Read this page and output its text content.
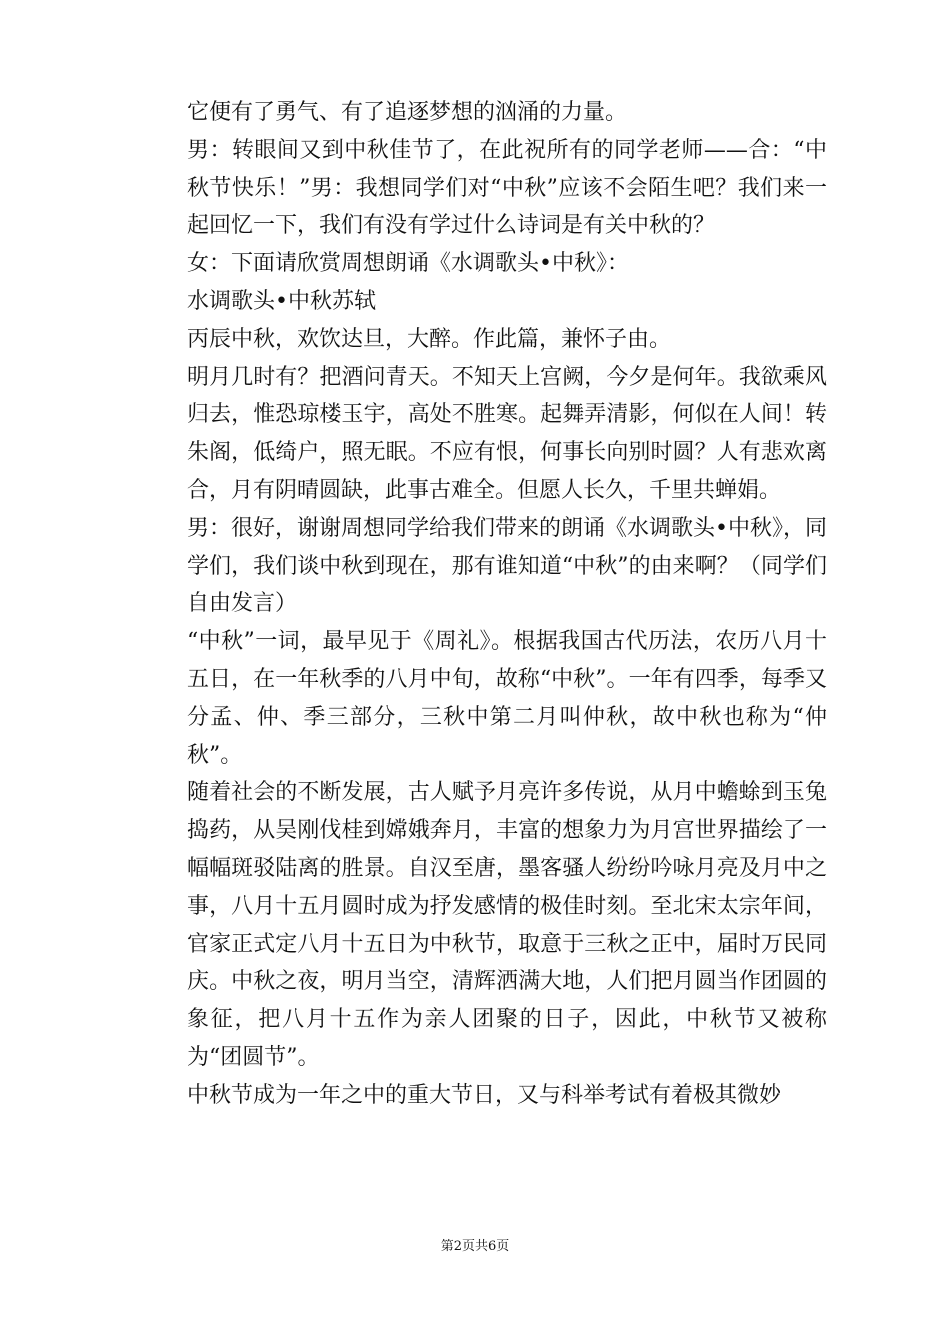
它便有了勇气、有了追逐梦想的汹涌的力量。

男：转眼间又到中秋佳节了，在此祝所有的同学老师——合：“中秋节快乐！”男：我想同学们对“中秋”应该不会陌生吧？我们来一起回忆一下，我们有没有学过什么诗词是有关中秋的？

女：下面请欣赏周想朗诵《水调歌头•中秋》：

水调歌头•中秋苏轼

丙辰中秋，欢饮达旦，大醉。作此篇，兼怀子由。

明月几时有？把酒问青天。不知天上宫阙，今夕是何年。我欲乘风归去，惟恐琼楼玉宇，高处不胜寒。起舞弄清影，何似在人间！转朱阁，低绮户，照无眠。不应有恨，何事长向别时圆？人有悲欢离合，月有阴晴圆缺，此事古难全。但愿人长久，千里共蝉娟。

男：很好，谢谢周想同学给我们带来的朗诵《水调歌头•中秋》，同学们，我们谈中秋到现在，那有谁知道“中秋”的由来啊？（同学们自由发言）

“中秋”一词，最早见于《周礼》。根据我国古代历法，农历八月十五日，在一年秋季的八月中旬，故称“中秋”。一年有四季，每季又分孟、仲、季三部分，三秋中第二月叫仲秋，故中秋也称为“仲秋”。

随着社会的不断发展，古人赋予月亮许多传说，从月中蟾蜍到玉兔捣药，从吴刚伐桂到嫦娥奔月，丰富的想象力为月宫世界描绘了一幅幅斑驳陆离的胜景。自汉至唐，墨客骚人纷纷吟咏月亮及月中之事，八月十五月圆时成为抒发感情的极佳时刻。至北宋太宗年间，官家正式定八月十五日为中秋节，取意于三秋之正中，届时万民同庆。中秋之夜，明月当空，清辉洒满大地，人们把月圆当作团圆的象征，把八月十五作为亲人团聚的日子，因此，中秋节又被称为“团圆节”。

中秋节成为一年之中的重大节日，又与科举考试有着极其微妙

第2页共6页
